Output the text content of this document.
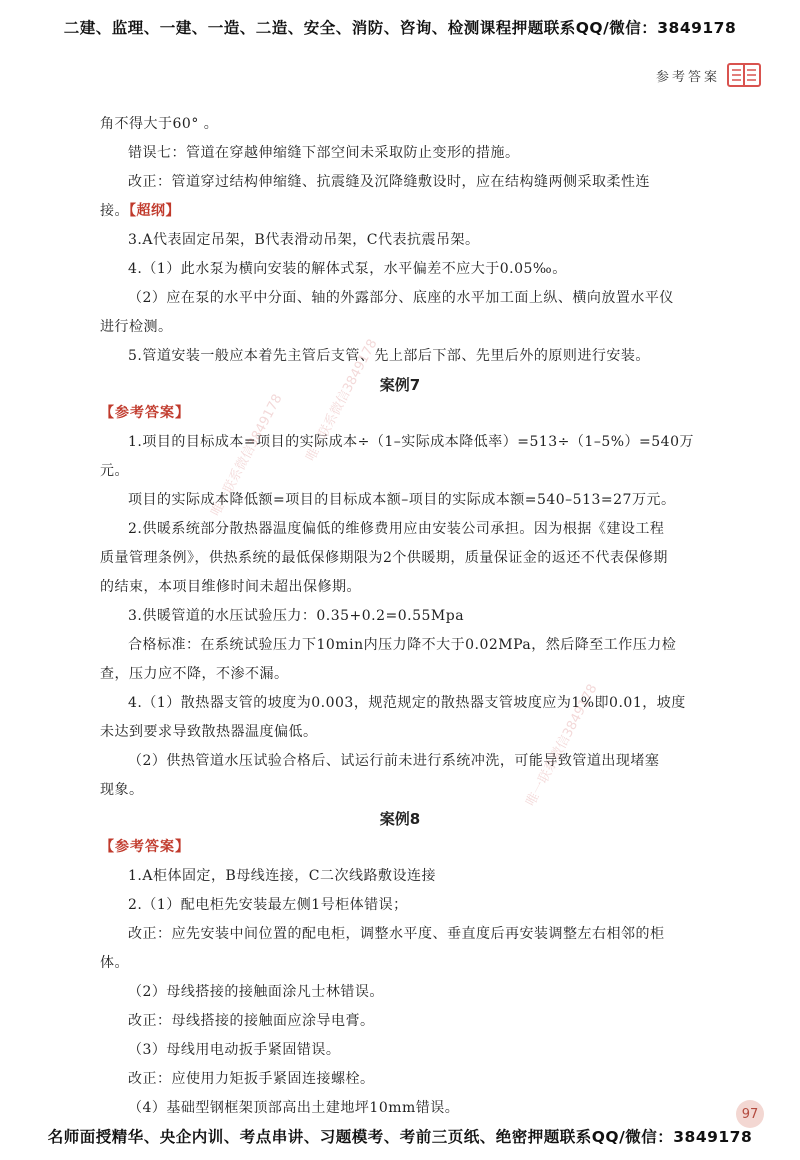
二建、监理、一建、一造、二造、安全、消防、咨询、检测课程押题联系QQ/微信：3849178
参考答案

角不得大于60° 。

错误七：管道在穿越伸缩缝下部空间未采取防止变形的措施。

改正：管道穿过结构伸缩缝、抗震缝及沉降缝敷设时，应在结构缝两侧采取柔性连

接。【超纲】

3.A代表固定吊架，B代表滑动吊架，C代表抗震吊架。

4.（1）此水泵为横向安装的解体式泵，水平偏差不应大于0.05‰。

（2）应在泵的水平中分面、轴的外露部分、底座的水平加工面上纵、横向放置水平仪

进行检测。

5.管道安装一般应本着先主管后支管、先上部后下部、先里后外的原则进行安装。

案例7

【参考答案】

1.项目的目标成本=项目的实际成本÷（1–实际成本降低率）=513÷（1–5%）=540万

元。

项目的实际成本降低额=项目的目标成本额–项目的实际成本额=540–513=27万元。

2.供暖系统部分散热器温度偏低的维修费用应由安装公司承担。因为根据《建设工程

质量管理条例》，供热系统的最低保修期限为2个供暖期，质量保证金的返还不代表保修期

的结束，本项目维修时间未超出保修期。

3.供暖管道的水压试验压力：0.35+0.2=0.55Mpa

合格标准：在系统试验压力下10min内压力降不大于0.02MPa，然后降至工作压力检

查，压力应不降，不渗不漏。

4.（1）散热器支管的坡度为0.003，规范规定的散热器支管坡度应为1%即0.01，坡度

未达到要求导致散热器温度偏低。

（2）供热管道水压试验合格后、试运行前未进行系统冲洗，可能导致管道出现堵塞

现象。

案例8

【参考答案】

1.A柜体固定，B母线连接，C二次线路敷设连接

2.（1）配电柜先安装最左侧1号柜体错误；

改正：应先安装中间位置的配电柜，调整水平度、垂直度后再安装调整左右相邻的柜

体。

（2）母线搭接的接触面涂凡士林错误。

改正：母线搭接的接触面应涂导电膏。

（3）母线用电动扳手紧固错误。

改正：应使用力矩扳手紧固连接螺栓。

（4）基础型钢框架顶部高出土建地坪10mm错误。

唯一联系微信3849178 唯一联系微信3849178
唯一联系微信3849178
97
名师面授精华、央企内训、考点串讲、习题模考、考前三页纸、绝密押题联系QQ/微信：3849178
